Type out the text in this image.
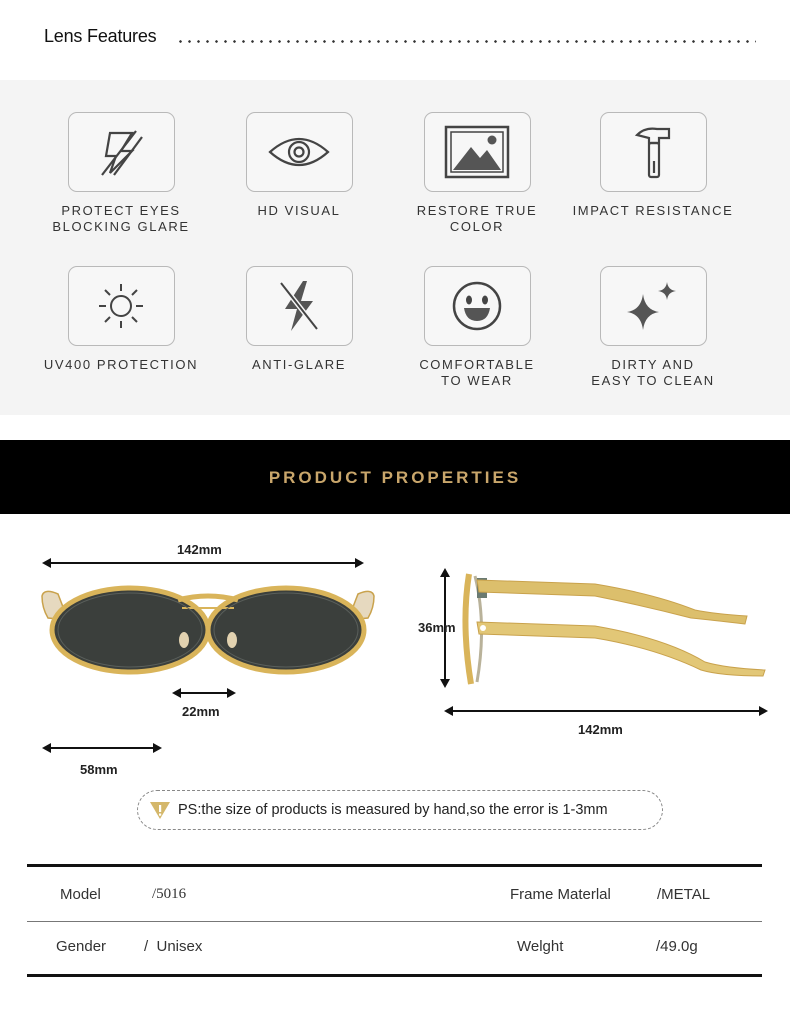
Lens Features
PROTECT EYES
BLOCKING GLARE
HD VISUAL	RESTORE TRUE COLOR
IMPACT RESISTANCE
UV400 PROTECTION	ANTI-GLARE	COMFORTABLE
TO WEAR
DIRTY AND
EASY TO CLEAN
PRODUCT PROPERTIES
142mm
22mm
58mm
36mm
142mm
PS:the size of products is measured by hand,so the error is 1-3mm
Model	/5016	Frame Materlal	/METAL
Gender	/  Unisex	Welght	/49.0g
